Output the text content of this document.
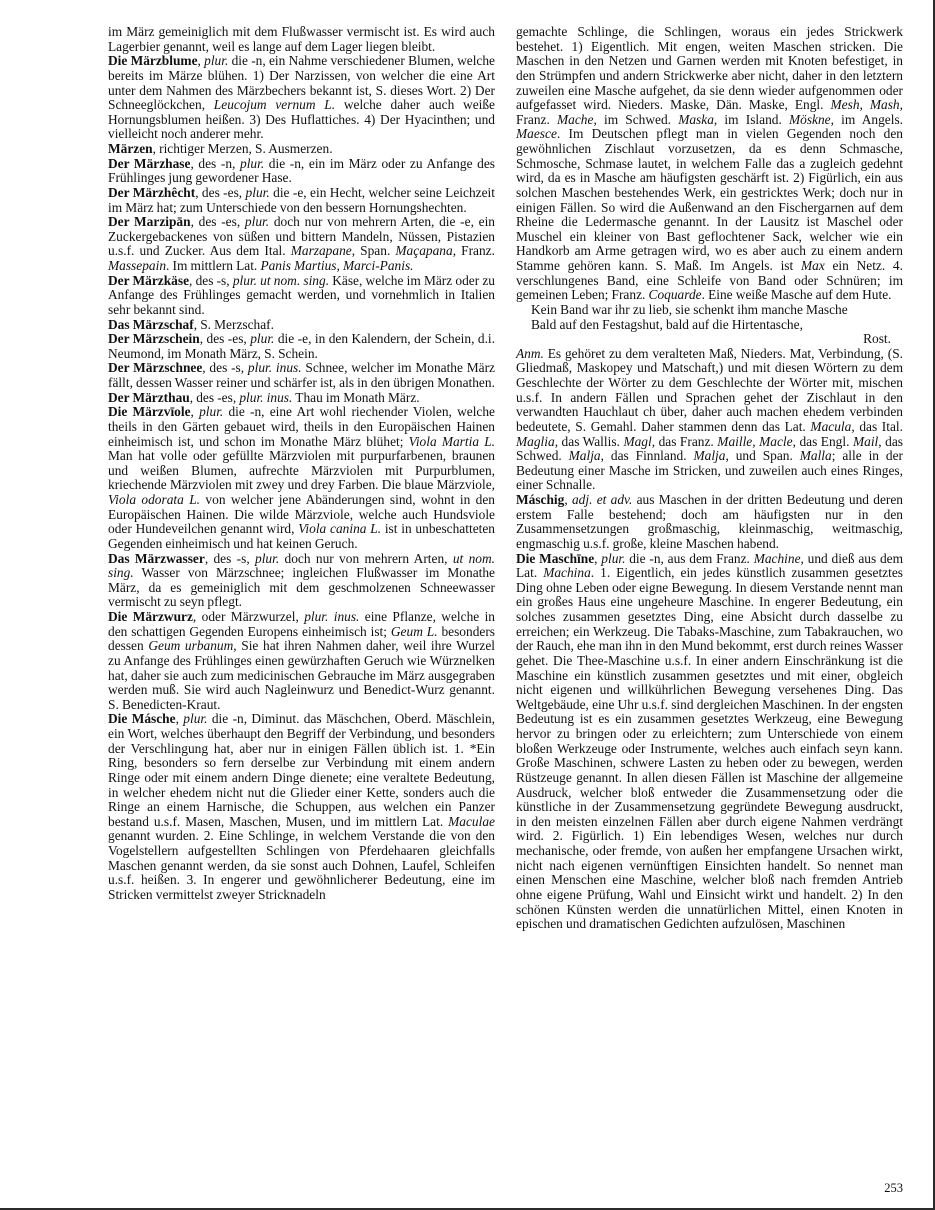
im März gemeiniglich mit dem Flußwasser vermischt ist. Es wird auch Lagerbier genannt, weil es lange auf dem Lager liegen bleibt.

Die Märzblume, plur. die -n, ein Nahme verschiedener Blumen, welche bereits im Märze blühen. 1) Der Narzissen, von welcher die eine Art unter dem Nahmen des Märzbechers bekannt ist, S. dieses Wort. 2) Der Schneeglöckchen, Leucojum vernum L. welche daher auch weiße Hornungsblumen heißen. 3) Des Huflattiches. 4) Der Hyacinthen; und vielleicht noch anderer mehr.

Märzen, richtiger Merzen, S. Ausmerzen.

Der Märzhase, des -n, plur. die -n, ein im März oder zu Anfange des Frühlinges jung gewordener Hase.

Der Märzhêcht, des -es, plur. die -e, ein Hecht, welcher seine Leichzeit im März hat; zum Unterschiede von den bessern Hornungshechten.

Der Marzipān, des -es, plur. doch nur von mehrern Arten, die -e, ein Zuckergebackenes von süßen und bittern Mandeln, Nüssen, Pistazien u.s.f. und Zucker. Aus dem Ital. Marzapane, Span. Maçapana, Franz. Massepain. Im mittlern Lat. Panis Martius, Marci-Panis.

Der Märzkäse, des -s, plur. ut nom. sing. Käse, welche im März oder zu Anfange des Frühlinges gemacht werden, und vornehmlich in Italien sehr bekannt sind.

Das Märzschaf, S. Merzschaf.

Der Märzschein, des -es, plur. die -e, in den Kalendern, der Schein, d.i. Neumond, im Monath März, S. Schein.

Der Märzschnee, des -s, plur. inus. Schnee, welcher im Monathe März fällt, dessen Wasser reiner und schärfer ist, als in den übrigen Monathen.

Der Märzthau, des -es, plur. inus. Thau im Monath März.

Die Märzvīole, plur. die -n, eine Art wohl riechender Violen, welche theils in den Gärten gebauet wird, theils in den Europäischen Hainen einheimisch ist, und schon im Monathe März blühet; Viola Martia L. Man hat volle oder gefüllte Märzviolen mit purpurfarbenen, braunen und weißen Blumen, aufrechte Märzviolen mit Purpurblumen, kriechende Märzviolen mit zwey und drey Farben. Die blaue Märzviole, Viola odorata L. von welcher jene Abänderungen sind, wohnt in den Europäischen Hainen. Die wilde Märzviole, welche auch Hundsviole oder Hundeveilchen genannt wird, Viola canina L. ist in unbeschatteten Gegenden einheimisch und hat keinen Geruch.

Das Märzwasser, des -s, plur. doch nur von mehrern Arten, ut nom. sing. Wasser von Märzschnee; ingleichen Flußwasser im Monathe März, da es gemeiniglich mit dem geschmolzenen Schneewasser vermischt zu seyn pflegt.

Die Märzwurz, oder Märzwurzel, plur. inus. eine Pflanze, welche in den schattigen Gegenden Europens einheimisch ist; Geum L. besonders dessen Geum urbanum, Sie hat ihren Nahmen daher, weil ihre Wurzel zu Anfange des Frühlinges einen gewürzhaften Geruch wie Würznelken hat, daher sie auch zum medicinischen Gebrauche im März ausgegraben werden muß. Sie wird auch Nagleinwurz und Benedict-Wurz genannt. S. Benedicten-Kraut.

Die Másche, plur. die -n, Diminut. das Mäschchen, Oberd. Mäschlein, ein Wort, welches überhaupt den Begriff der Verbindung, und besonders der Verschlingung hat, aber nur in einigen Fällen üblich ist. 1. *Ein Ring, besonders so fern derselbe zur Verbindung mit einem andern Ringe oder mit einem andern Dinge dienete; eine veraltete Bedeutung, in welcher ehedem nicht nut die Glieder einer Kette, sonders auch die Ringe an einem Harnische, die Schuppen, aus welchen ein Panzer bestand u.s.f. Masen, Maschen, Musen, und im mittlern Lat. Maculae genannt wurden. 2. Eine Schlinge, in welchem Verstande die von den Vogelstellern aufgestellten Schlingen von Pferdehaaren gleichfalls Maschen genannt werden, da sie sonst auch Dohnen, Laufel, Schleifen u.s.f. heißen. 3. In engerer und gewöhnlicherer Bedeutung, eine im Stricken vermittelst zweyer Stricknadeln

gemachte Schlinge, die Schlingen, woraus ein jedes Strickwerk bestehet. 1) Eigentlich. Mit engen, weiten Maschen stricken. Die Maschen in den Netzen und Garnen werden mit Knoten befestiget, in den Strümpfen und andern Strickwerke aber nicht, daher in den letztern zuweilen eine Masche aufgehet, da sie denn wieder aufgenommen oder aufgefasset wird. Nieders. Maske, Dän. Maske, Engl. Mesh, Mash, Franz. Mache, im Schwed. Maska, im Island. Möskne, im Angels. Maesce. Im Deutschen pflegt man in vielen Gegenden noch den gewöhnlichen Zischlaut vorzusetzen, da es denn Schmasche, Schmosche, Schmase lautet, in welchem Falle das a zugleich gedehnt wird, da es in Masche am häufigsten geschärft ist. 2) Figürlich, ein aus solchen Maschen bestehendes Werk, ein gestricktes Werk; doch nur in einigen Fällen. So wird die Außenwand an den Fischergarnen auf dem Rheine die Ledermasche genannt. In der Lausitz ist Maschel oder Muschel ein kleiner von Bast geflochtener Sack, welcher wie ein Handkorb am Arme getragen wird, wo es aber auch zu einem andern Stamme gehören kann. S. Maß. Im Angels. ist Max ein Netz. 4. verschlungenes Band, eine Schleife von Band oder Schnüren; im gemeinen Leben; Franz. Coquarde. Eine weiße Masche auf dem Hute.

Kein Band war ihr zu lieb, sie schenkt ihm manche Masche
Bald auf den Festagshut, bald auf die Hirtentasche,
Rost.

Anm. Es gehöret zu dem veralteten Maß, Nieders. Mat, Verbindung, (S. Gliedmaß, Maskopey und Matschaft,) und mit diesen Wörtern zu dem Geschlechte der Wörter zu dem Geschlechte der Wörter mit, mischen u.s.f. In andern Fällen und Sprachen gehet der Zischlaut in den verwandten Hauchlaut ch über, daher auch machen ehedem verbinden bedeutete, S. Gemahl. Daher stammen denn das Lat. Macula, das Ital. Maglia, das Wallis. Magl, das Franz. Maille, Macle, das Engl. Mail, das Schwed. Malja, das Finnland. Malja, und Span. Malla; alle in der Bedeutung einer Masche im Stricken, und zuweilen auch eines Ringes, einer Schnalle.

Máschig, adj. et adv. aus Maschen in der dritten Bedeutung und deren erstem Falle bestehend; doch am häufigsten nur in den Zusammensetzungen großmaschig, kleinmaschig, weitmaschig, engmaschig u.s.f. große, kleine Maschen habend.

Die Maschīne, plur. die -n, aus dem Franz. Machine, und dieß aus dem Lat. Machina. 1. Eigentlich, ein jedes künstlich zusammen gesetztes Ding ohne Leben oder eigne Bewegung. In diesem Verstande nennt man ein großes Haus eine ungeheure Maschine. In engerer Bedeutung, ein solches zusammen gesetztes Ding, eine Absicht durch dasselbe zu erreichen; ein Werkzeug. Die Tabaks-Maschine, zum Tabakrauchen, wo der Rauch, ehe man ihn in den Mund bekommt, erst durch reines Wasser gehet. Die Thee-Maschine u.s.f. In einer andern Einschränkung ist die Maschine ein künstlich zusammen gesetztes und mit einer, obgleich nicht eigenen und willkührlichen Bewegung versehenes Ding. Das Weltgebäude, eine Uhr u.s.f. sind dergleichen Maschinen. In der engsten Bedeutung ist es ein zusammen gesetztes Werkzeug, eine Bewegung hervor zu bringen oder zu erleichtern; zum Unterschiede von einem bloßen Werkzeuge oder Instrumente, welches auch einfach seyn kann. Große Maschinen, schwere Lasten zu heben oder zu bewegen, werden Rüstzeuge genannt. In allen diesen Fällen ist Maschine der allgemeine Ausdruck, welcher bloß entweder die Zusammensetzung oder die künstliche in der Zusammensetzung gegründete Bewegung ausdruckt, in den meisten einzelnen Fällen aber durch eigene Nahmen verdrängt wird. 2. Figürlich. 1) Ein lebendiges Wesen, welches nur durch mechanische, oder fremde, von außen her empfangene Ursachen wirkt, nicht nach eigenen vernünftigen Einsichten handelt. So nennet man einen Menschen eine Maschine, welcher bloß nach fremden Antrieb ohne eigene Prüfung, Wahl und Einsicht wirkt und handelt. 2) In den schönen Künsten werden die unnatürlichen Mittel, einen Knoten in epischen und dramatischen Gedichten aufzulösen, Maschinen

253
